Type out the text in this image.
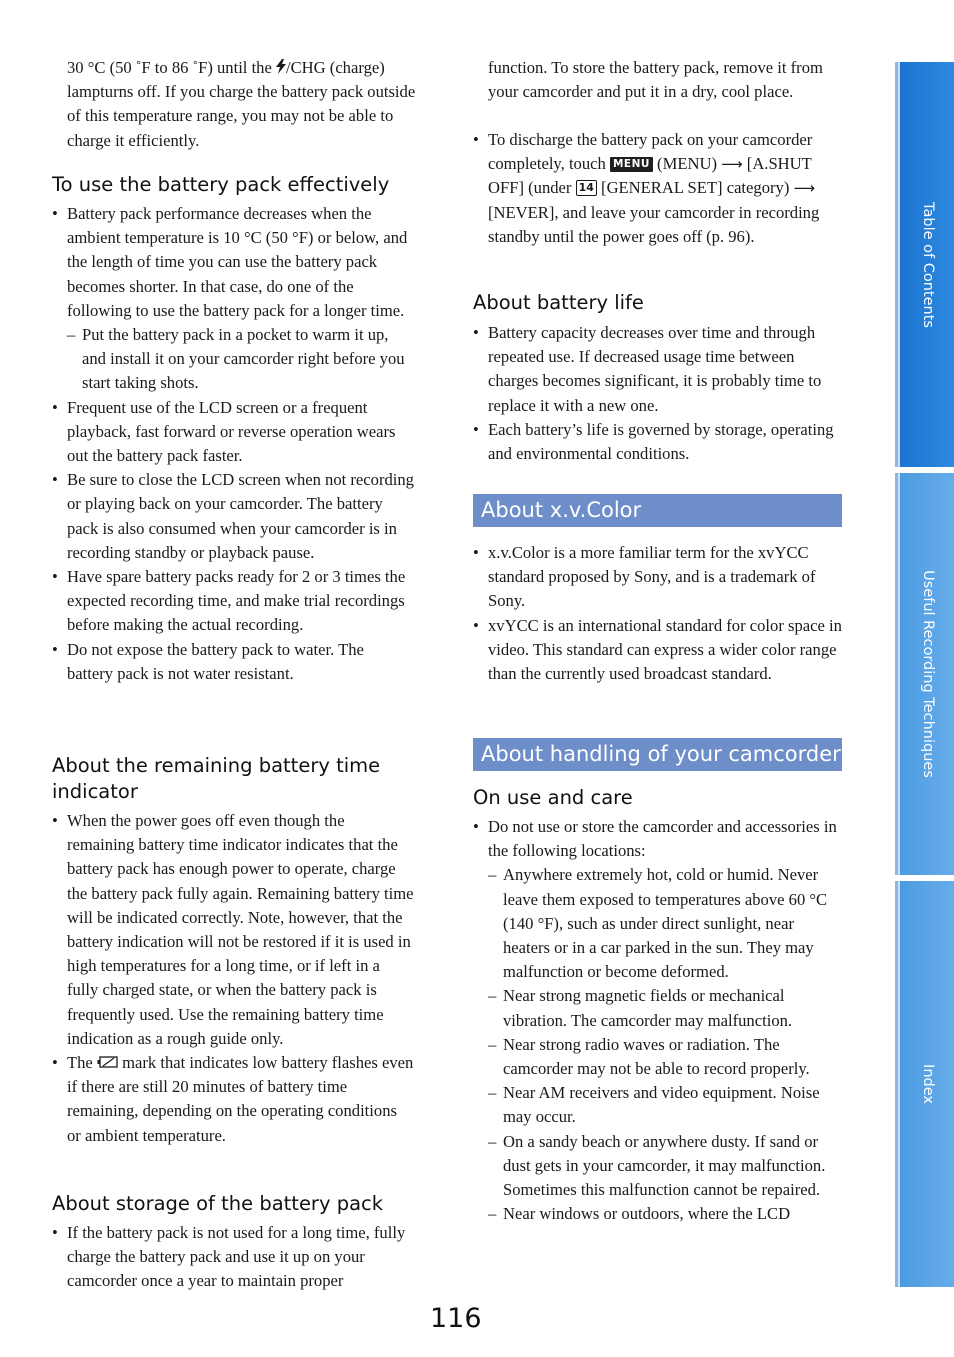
30 °C (50 ˚F to 86 ˚F) until the /CHG (charge) lampturns off. If you charge the battery pack outside of this temperature range, you may not be able to charge it efficiently.
To use the battery pack effectively
• Battery pack performance decreases when the ambient temperature is 10 °C (50 °F) or below, and the length of time you can use the battery pack becomes shorter. In that case, do one of the following to use the battery pack for a longer time.
– Put the battery pack in a pocket to warm it up, and install it on your camcorder right before you start taking shots.
• Frequent use of the LCD screen or a frequent playback, fast forward or reverse operation wears out the battery pack faster.
• Be sure to close the LCD screen when not recording or playing back on your camcorder. The battery pack is also consumed when your camcorder is in recording standby or playback pause.
• Have spare battery packs ready for 2 or 3 times the expected recording time, and make trial recordings before making the actual recording.
• Do not expose the battery pack to water. The battery pack is not water resistant.
About the remaining battery time indicator
• When the power goes off even though the remaining battery time indicator indicates that the battery pack has enough power to operate, charge the battery pack fully again. Remaining battery time will be indicated correctly. Note, however, that the battery indication will not be restored if it is used in high temperatures for a long time, or if left in a fully charged state, or when the battery pack is frequently used. Use the remaining battery time indication as a rough guide only.
• The  mark that indicates low battery flashes even if there are still 20 minutes of battery time remaining, depending on the operating conditions or ambient temperature.
About storage of the battery pack
• If the battery pack is not used for a long time, fully charge the battery pack and use it up on your camcorder once a year to maintain proper
function. To store the battery pack, remove it from your camcorder and put it in a dry, cool place.
• To discharge the battery pack on your camcorder completely, touch MENU (MENU) ⟶ [A.SHUT OFF] (under 14 [GENERAL SET] category) ⟶ [NEVER], and leave your camcorder in recording standby until the power goes off (p. 96).
About battery life
• Battery capacity decreases over time and through repeated use. If decreased usage time between charges becomes significant, it is probably time to replace it with a new one.
• Each battery’s life is governed by storage, operating and environmental conditions.
About x.v.Color
• x.v.Color is a more familiar term for the xvYCC standard proposed by Sony, and is a trademark of Sony.
• xvYCC is an international standard for color space in video. This standard can express a wider color range than the currently used broadcast standard.
About handling of your camcorder
On use and care
• Do not use or store the camcorder and accessories in the following locations:
– Anywhere extremely hot, cold or humid. Never leave them exposed to temperatures above 60 °C (140 °F), such as under direct sunlight, near heaters or in a car parked in the sun. They may malfunction or become deformed.
– Near strong magnetic fields or mechanical vibration. The camcorder may malfunction.
– Near strong radio waves or radiation. The camcorder may not be able to record properly.
– Near AM receivers and video equipment. Noise may occur.
– On a sandy beach or anywhere dusty. If sand or dust gets in your camcorder, it may malfunction. Sometimes this malfunction cannot be repaired.
– Near windows or outdoors, where the LCD
Table of Contents
Useful Recording Techniques
Index
116
